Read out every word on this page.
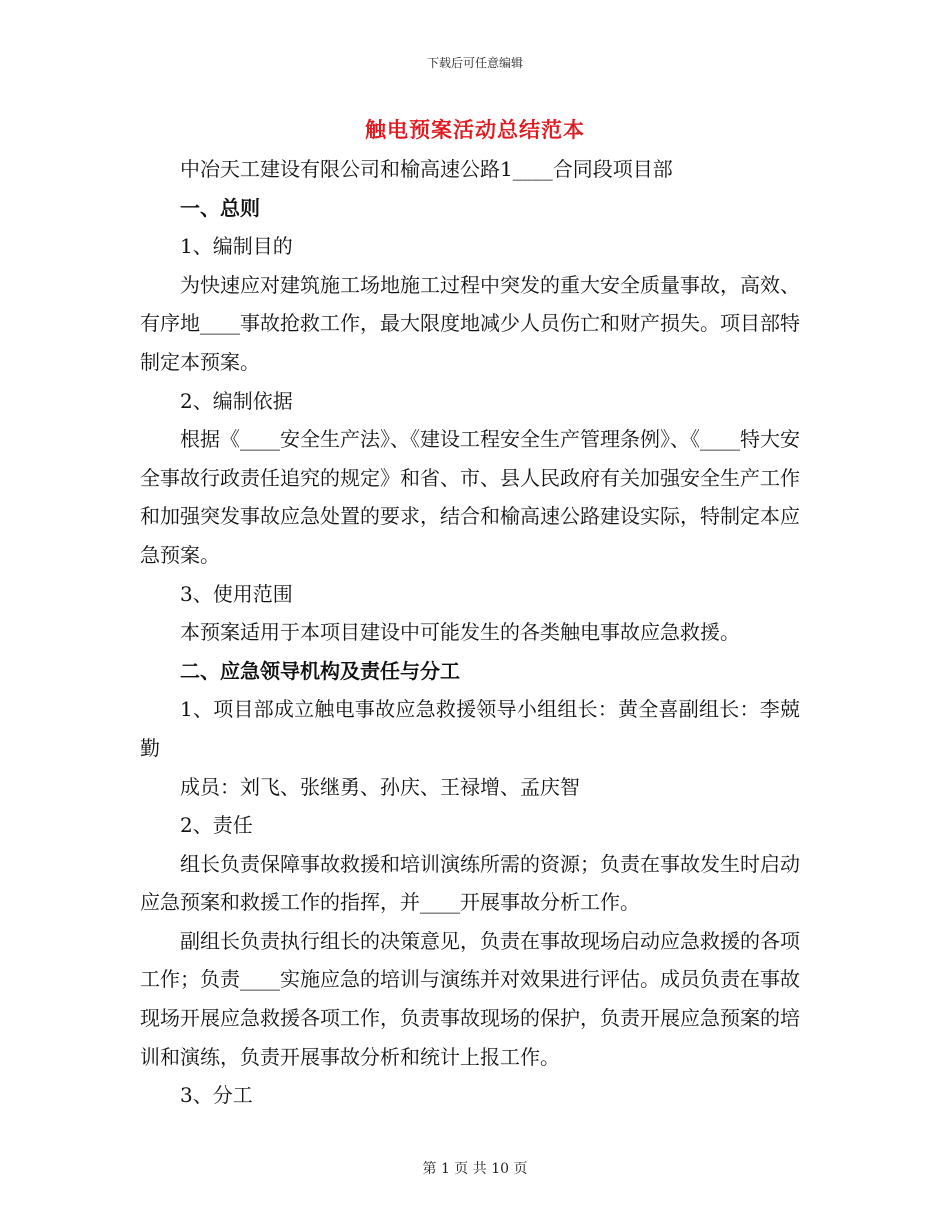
下载后可任意编辑
触电预案活动总结范本

中冶天工建设有限公司和榆高速公路1____合同段项目部

一、总则

1、编制目的

为快速应对建筑施工场地施工过程中突发的重大安全质量事故，高效、有序地____事故抢救工作，最大限度地减少人员伤亡和财产损失。项目部特制定本预案。

2、编制依据

根据《____安全生产法》、《建设工程安全生产管理条例》、《____特大安全事故行政责任追究的规定》和省、市、县人民政府有关加强安全生产工作和加强突发事故应急处置的要求，结合和榆高速公路建设实际，特制定本应急预案。

3、使用范围

本预案适用于本项目建设中可能发生的各类触电事故应急救援。

二、应急领导机构及责任与分工

1、项目部成立触电事故应急救援领导小组组长：黄全喜副组长：李兢勤

成员：刘飞、张继勇、孙庆、王禄增、孟庆智

2、责任

组长负责保障事故救援和培训演练所需的资源；负责在事故发生时启动应急预案和救援工作的指挥，并____开展事故分析工作。

副组长负责执行组长的决策意见，负责在事故现场启动应急救援的各项工作；负责____实施应急的培训与演练并对效果进行评估。成员负责在事故现场开展应急救援各项工作，负责事故现场的保护，负责开展应急预案的培训和演练，负责开展事故分析和统计上报工作。

3、分工

第 1 页 共 10 页
